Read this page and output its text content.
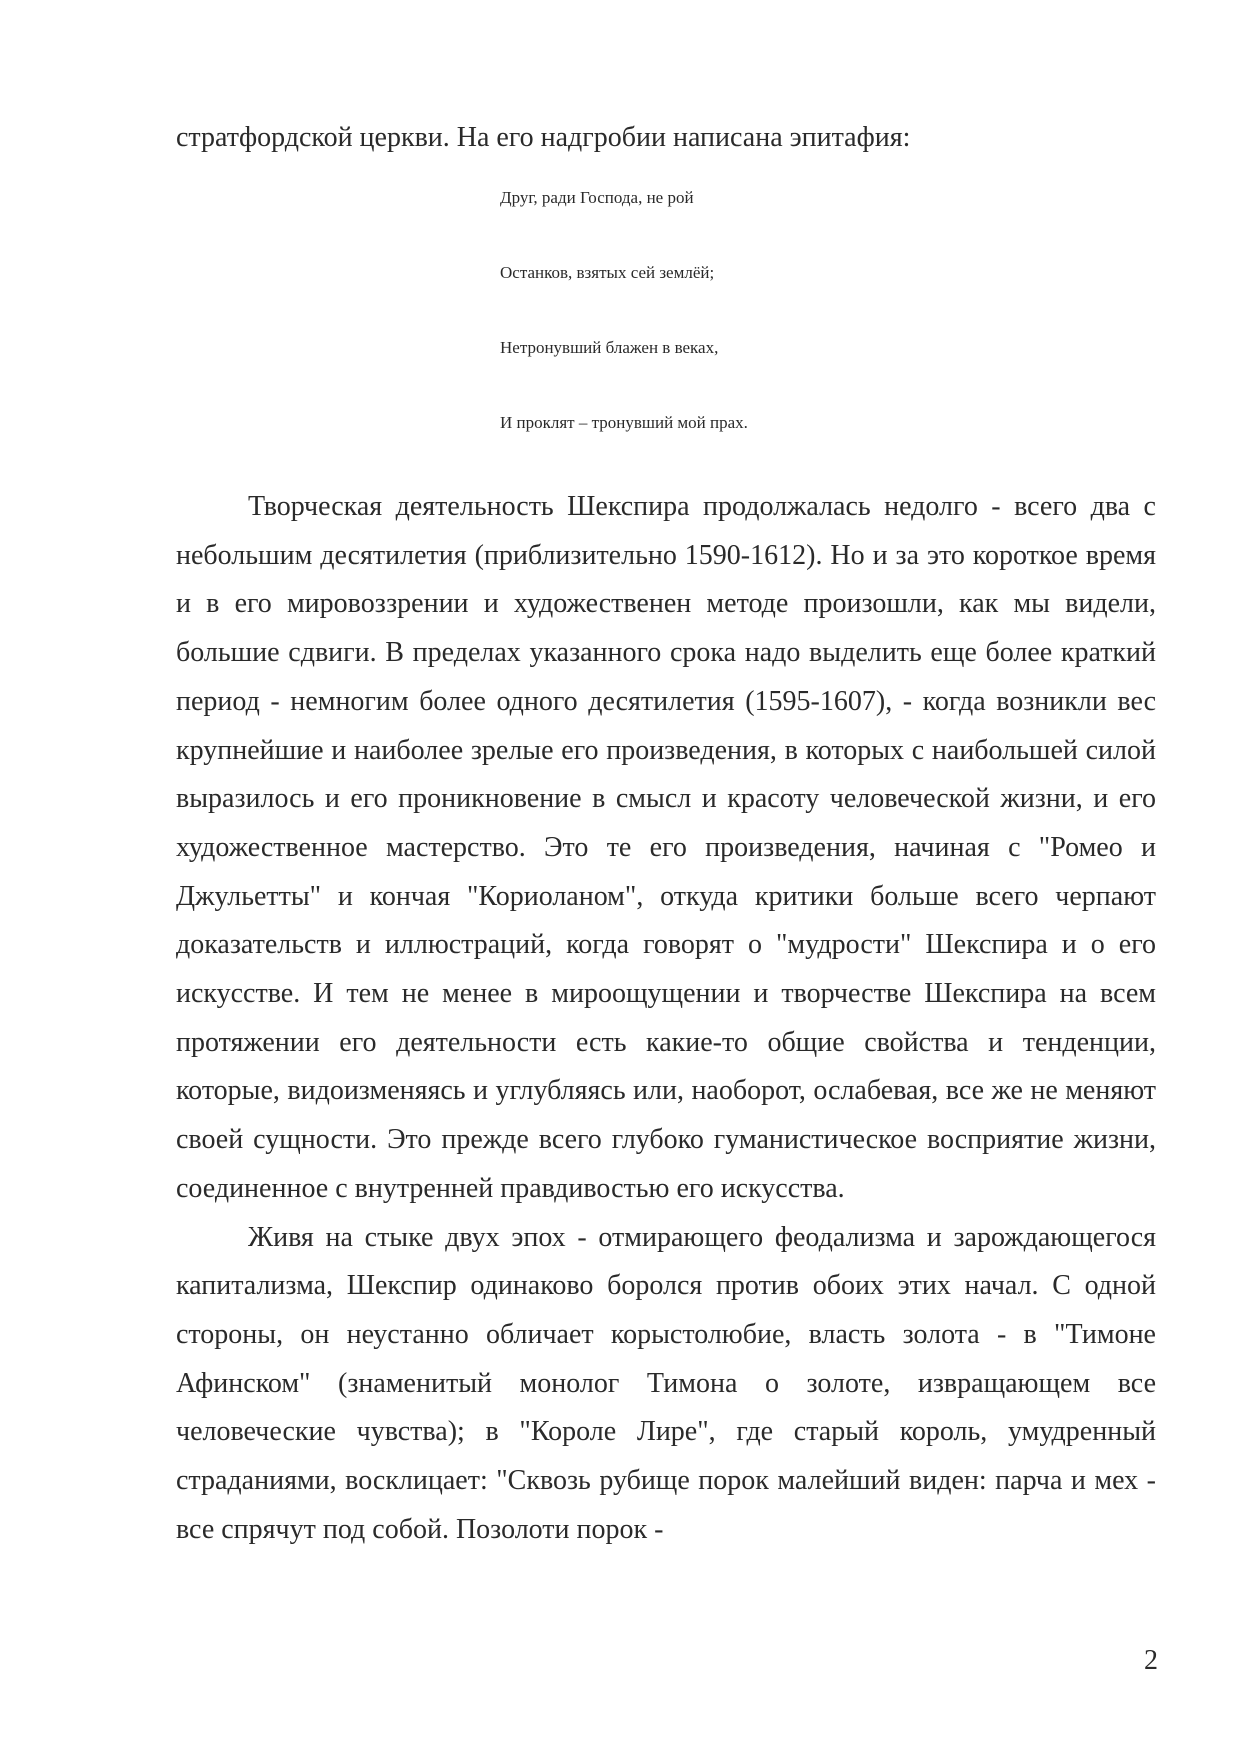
стратфордской церкви. На его надгробии написана эпитафия:
Друг, ради Господа, не рой
Останков, взятых сей землёй;
Нетронувший блажен в веках,
И проклят – тронувший мой прах.

Творческая деятельность Шекспира продолжалась недолго - всего два с небольшим десятилетия (приблизительно 1590-1612). Но и за это короткое время и в его мировоззрении и художественен методе произошли, как мы видели, большие сдвиги. В пределах указанного срока надо выделить еще более краткий период - немногим более одного десятилетия (1595-1607), - когда возникли вес крупнейшие и наиболее зрелые его произведения, в которых с наибольшей силой выразилось и его проникновение в смысл и красоту человеческой жизни, и его художественное мастерство. Это те его произведения, начиная с "Ромео и Джульетты" и кончая "Кориоланом", откуда критики больше всего черпают доказательств и иллюстраций, когда говорят о "мудрости" Шекспира и о его искусстве. И тем не менее в мироощущении и творчестве Шекспира на всем протяжении его деятельности есть какие-то общие свойства и тенденции, которые, видоизменяясь и углубляясь или, наоборот, ослабевая, все же не меняют своей сущности. Это прежде всего глубоко гуманистическое восприятие жизни, соединенное с внутренней правдивостью его искусства.

Живя на стыке двух эпох - отмирающего феодализма и зарождающегося капитализма, Шекспир одинаково боролся против обоих этих начал. С одной стороны, он неустанно обличает корыстолюбие, власть золота - в "Тимоне Афинском" (знаменитый монолог Тимона о золоте, извращающем все человеческие чувства); в "Короле Лире", где старый король, умудренный страданиями, восклицает: "Сквозь рубище порок малейший виден: парча и мех - все спрячут под собой. Позолоти порок -

2
